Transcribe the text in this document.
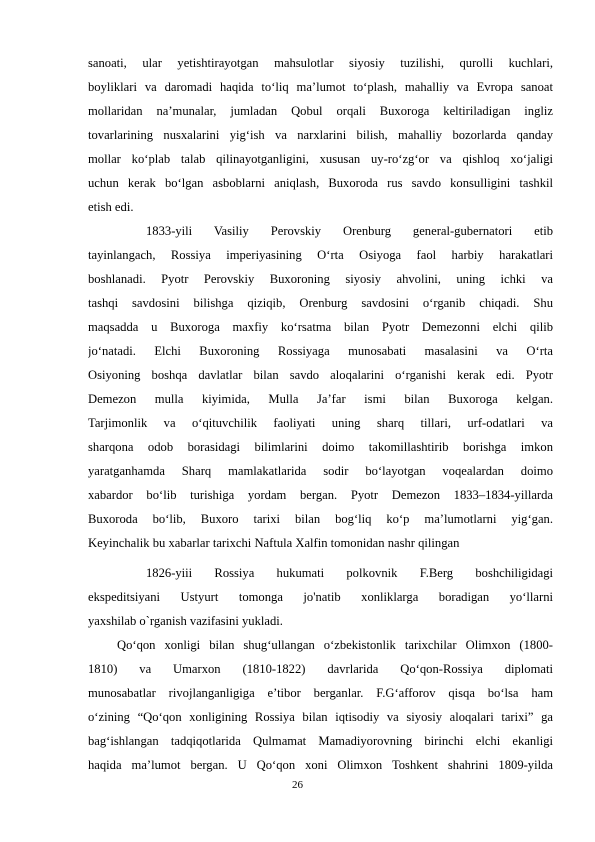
sanoati, ular yetishtirayotgan mahsulotlar siyosiy tuzilishi, qurolli kuchlari,
boyliklari va daromadi haqida to‘liq ma’lumot to‘plash, mahalliy va Evropa sanoat
mollaridan na’munalar, jumladan Qobul orqali Buxoroga keltiriladigan ingliz
tovarlarining nusxalarini yig‘ish va narxlarini bilish, mahalliy bozorlarda qanday
mollar ko‘plab talab qilinayotganligini, xususan uy-ro‘zg‘or va qishloq xo‘jaligi
uchun kerak bo‘lgan asboblarni aniqlash, Buxoroda rus savdo konsulligini tashkil
etish edi.
1833-yili Vasiliy Perovskiy Orenburg general-gubernatori etib
tayinlangach, Rossiya imperiyasining O‘rta Osiyoga faol harbiy harakatlari
boshlanadi. Pyotr Perovskiy Buxoroning siyosiy ahvolini, uning ichki va
tashqi savdosini bilishga qiziqib, Orenburg savdosini o‘rganib chiqadi. Shu
maqsadda u Buxoroga maxfiy ko‘rsatma bilan Pyotr Demezonni elchi qilib
jo‘natadi. Elchi Buxoroning Rossiyaga munosabati masalasini va O‘rta
Osiyoning boshqa davlatlar bilan savdo aloqalarini o‘rganishi kerak edi. Pyotr
Demezon mulla kiyimida, Mulla Ja’far ismi bilan Buxoroga kelgan.
Tarjimonlik va o‘qituvchilik faoliyati uning sharq tillari, urf-odatlari va
sharqona odob borasidagi bilimlarini doimo takomillashtirib borishga imkon
yaratganhamda Sharq mamlakatlarida sodir bo‘layotgan voqealardan doimo
xabardor bo‘lib turishiga yordam bergan. Pyotr Demezon 1833–1834-yillarda
Buxoroda bo‘lib, Buxoro tarixi bilan bog‘liq ko‘p ma’lumotlarni yig‘gan.
Keyinchalik bu xabarlar tarixchi Naftula Xalfin tomonidan nashr qilingan
1826-yiii Rossiya hukumati polkovnik F.Berg boshchiligidagi
ekspeditsiyani Ustyurt tomonga jo'natib xonliklarga boradigan yo‘llarni
yaxshilab o`rganish vazifasini yukladi.
Qo‘qon xonligi bilan shug‘ullangan o‘zbekistonlik tarixchilar Olimxon (1800-
1810) va Umarxon (1810-1822) davrlarida Qo‘qon-Rossiya diplomati
munosabatlar rivojlanganligiga e’tibor berganlar. F.G‘afforov qisqa bo‘lsa ham
o‘zining “Qo‘qon xonligining Rossiya bilan iqtisodiy va siyosiy aloqalari tarixi” ga
bag‘ishlangan tadqiqotlarida Qulmamat Mamadiyorovning birinchi elchi ekanligi
haqida ma’lumot bergan. U Qo‘qon xoni Olimxon Toshkent shahrini 1809-yilda
26
